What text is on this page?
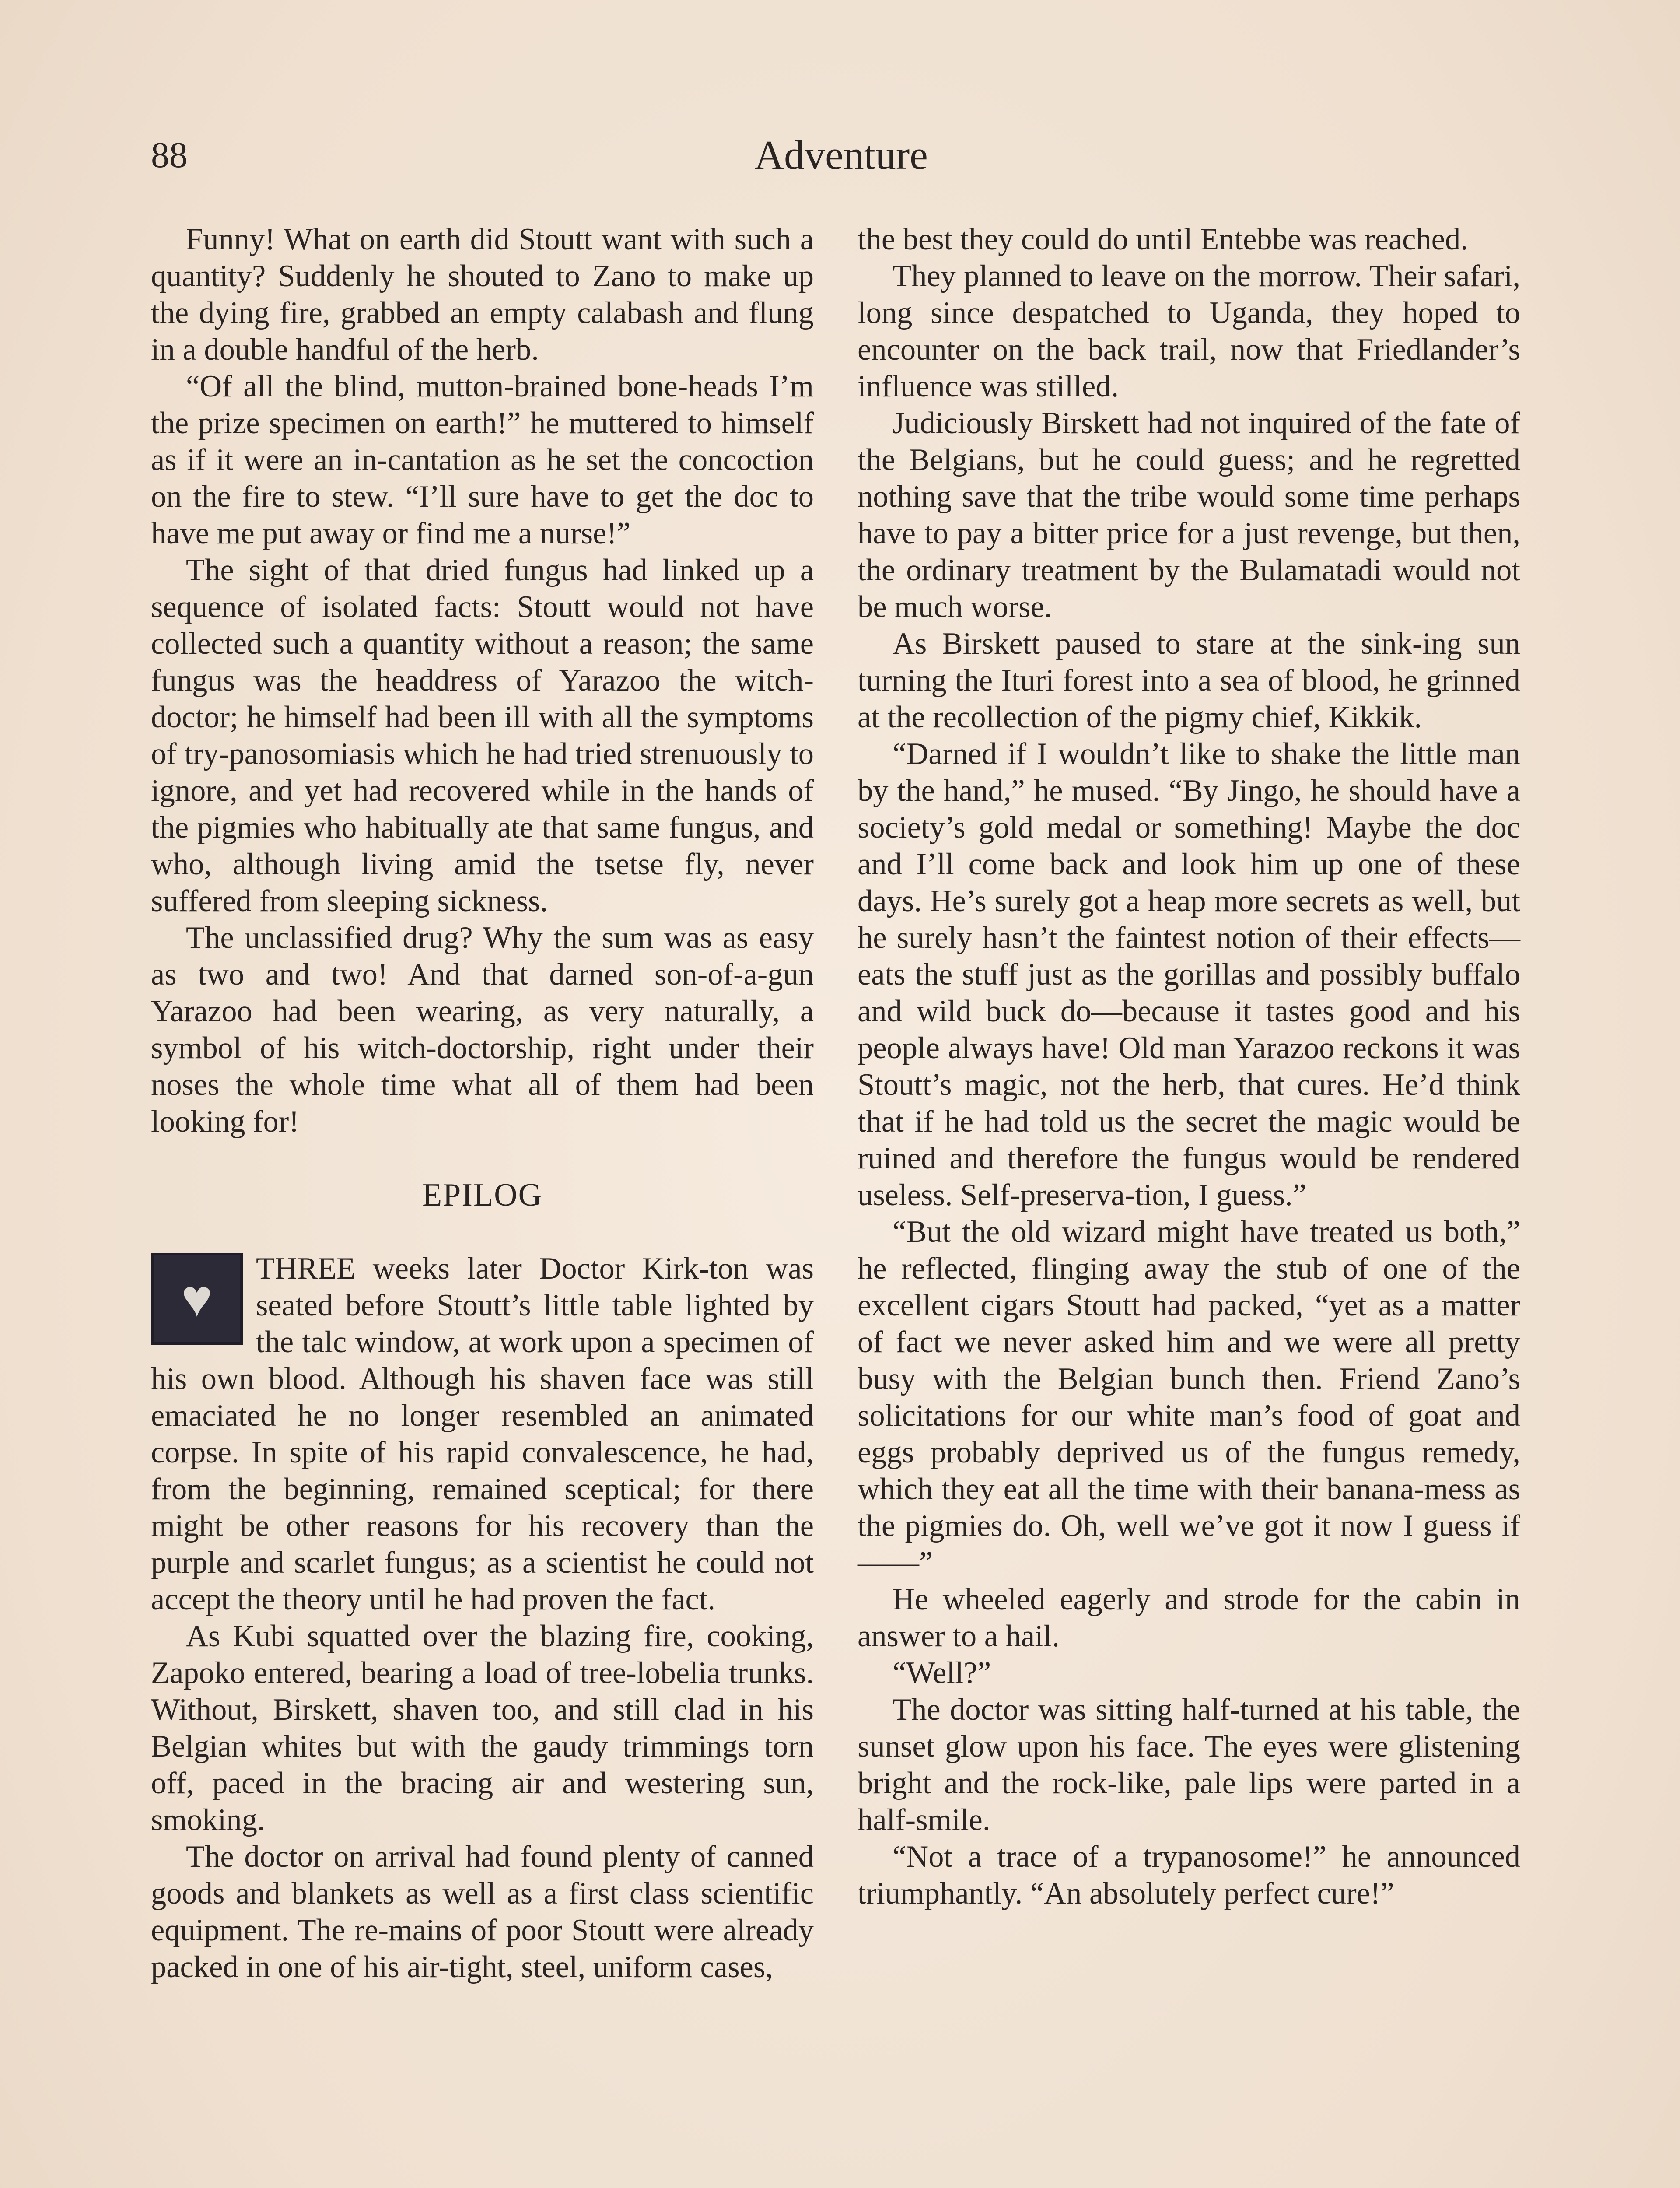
88	Adventure

Funny! What on earth did Stoutt want with such a quantity? Suddenly he shouted to Zano to make up the dying fire, grabbed an empty calabash and flung in a double handful of the herb.

“Of all the blind, mutton-brained bone-heads I’m the prize specimen on earth!” he muttered to himself as if it were an in-cantation as he set the concoction on the fire to stew. “I’ll sure have to get the doc to have me put away or find me a nurse!”

The sight of that dried fungus had linked up a sequence of isolated facts: Stoutt would not have collected such a quantity without a reason; the same fungus was the headdress of Yarazoo the witch-doctor; he himself had been ill with all the symptoms of try-panosomiasis which he had tried strenuously to ignore, and yet had recovered while in the hands of the pigmies who habitually ate that same fungus, and who, although living amid the tsetse fly, never suffered from sleeping sickness.

The unclassified drug? Why the sum was as easy as two and two! And that darned son-of-a-gun Yarazoo had been wearing, as very naturally, a symbol of his witch-doctorship, right under their noses the whole time what all of them had been looking for!

EPILOG

♥
THREE weeks later Doctor Kirk-ton was seated before Stoutt’s little table lighted by the talc window, at work upon a specimen of his own blood. Although his shaven face was still emaciated he no longer resembled an animated corpse. In spite of his rapid convalescence, he had, from the beginning, remained sceptical; for there might be other reasons for his recovery than the purple and scarlet fungus; as a scientist he could not accept the theory until he had proven the fact.

As Kubi squatted over the blazing fire, cooking, Zapoko entered, bearing a load of tree-lobelia trunks. Without, Birskett, shaven too, and still clad in his Belgian whites but with the gaudy trimmings torn off, paced in the bracing air and westering sun, smoking.

The doctor on arrival had found plenty of canned goods and blankets as well as a first class scientific equipment. The re-mains of poor Stoutt were already packed in one of his air-tight, steel, uniform cases,

the best they could do until Entebbe was reached.

They planned to leave on the morrow. Their safari, long since despatched to Uganda, they hoped to encounter on the back trail, now that Friedlander’s influence was stilled.

Judiciously Birskett had not inquired of the fate of the Belgians, but he could guess; and he regretted nothing save that the tribe would some time perhaps have to pay a bitter price for a just revenge, but then, the ordinary treatment by the Bulamatadi would not be much worse.

As Birskett paused to stare at the sink-ing sun turning the Ituri forest into a sea of blood, he grinned at the recollection of the pigmy chief, Kikkik.

“Darned if I wouldn’t like to shake the little man by the hand,” he mused. “By Jingo, he should have a society’s gold medal or something! Maybe the doc and I’ll come back and look him up one of these days. He’s surely got a heap more secrets as well, but he surely hasn’t the faintest notion of their effects—eats the stuff just as the gorillas and possibly buffalo and wild buck do—because it tastes good and his people always have! Old man Yarazoo reckons it was Stoutt’s magic, not the herb, that cures. He’d think that if he had told us the secret the magic would be ruined and therefore the fungus would be rendered useless. Self-preserva-tion, I guess.”

“But the old wizard might have treated us both,” he reflected, flinging away the stub of one of the excellent cigars Stoutt had packed, “yet as a matter of fact we never asked him and we were all pretty busy with the Belgian bunch then. Friend Zano’s solicitations for our white man’s food of goat and eggs probably deprived us of the fungus remedy, which they eat all the time with their banana-mess as the pigmies do. Oh, well we’ve got it now I guess if——”

He wheeled eagerly and strode for the cabin in answer to a hail.

“Well?”

The doctor was sitting half-turned at his table, the sunset glow upon his face. The eyes were glistening bright and the rock-like, pale lips were parted in a half-smile.

“Not a trace of a trypanosome!” he announced triumphantly. “An absolutely perfect cure!”
